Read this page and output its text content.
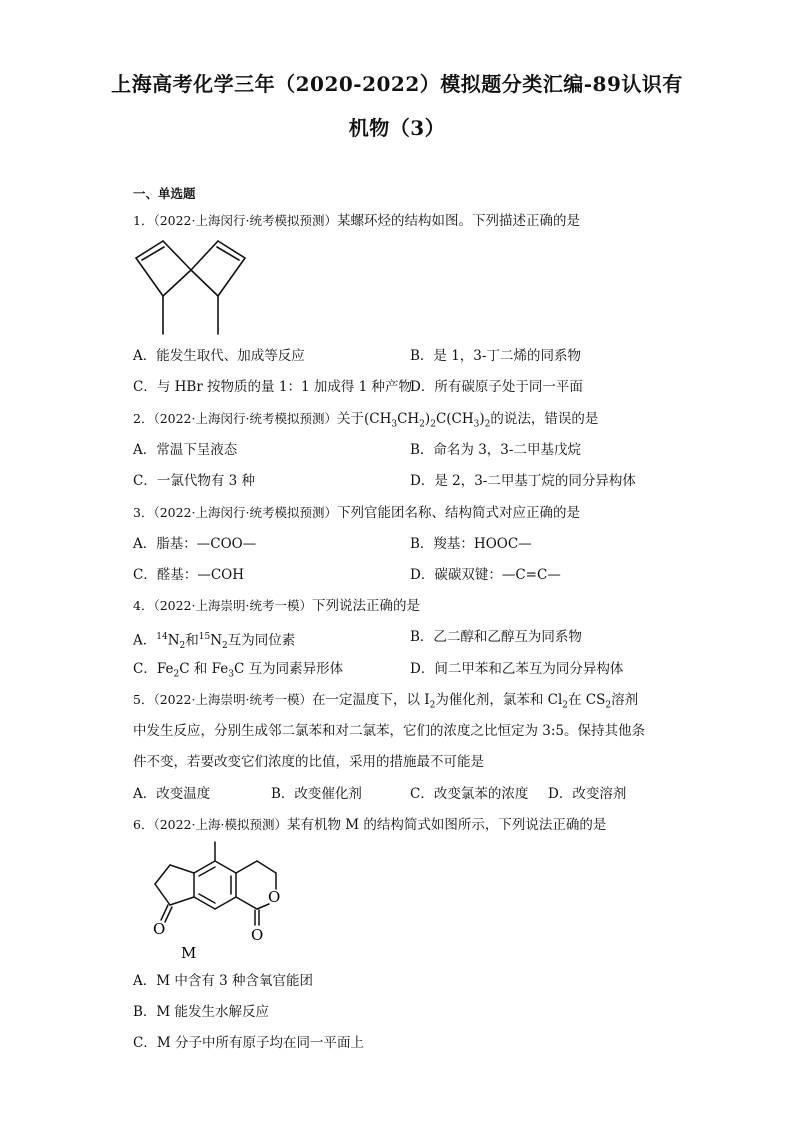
上海高考化学三年（2020-2022）模拟题分类汇编-89认识有
机物（3）
一、单选题
1．（2022·上海闵行·统考模拟预测）某螺环烃的结构如图。下列描述正确的是
A．能发生取代、加成等反应	B．是 1，3-丁二烯的同系物
C．与 HBr 按物质的量 1：1 加成得 1 种产物
D．所有碳原子处于同一平面
2．（2022·上海闵行·统考模拟预测）关于$(CH_3CH_2)_2C(CH_3)_2$的说法，错误的是
A．常温下呈液态	B．命名为 3，3-二甲基戊烷
C．一氯代物有 3 种	D．是 2，3-二甲基丁烷的同分异构体
3．（2022·上海闵行·统考模拟预测）下列官能团名称、结构简式对应正确的是
A．脂基：—COO—	B．羧基：HOOC—
C．醛基：—COH	D．碳碳双键：—C=C—
4．（2022·上海崇明·统考一模）下列说法正确的是
A．$^{14}N_2$和$^{15}N_2$互为同位素	B．乙二醇和乙醇互为同系物
C．$Fe_2C$ 和 $Fe_3C$ 互为同素异形体	D．间二甲苯和乙苯互为同分异构体
5．（2022·上海崇明·统考一模）在一定温度下，以 $I_2$为催化剂，氯苯和 $Cl_2$在 $CS_2$溶剂
中发生反应，分别生成邻二氯苯和对二氯苯，它们的浓度之比恒定为 3:5。保持其他条
件不变，若要改变它们浓度的比值，采用的措施最不可能是
A．改变温度	B．改变催化剂	C．改变氯苯的浓度 D．改变溶剂
6．（2022·上海·模拟预测）某有机物 M 的结构简式如图所示，下列说法正确的是
O
O	O
M
A．M 中含有 3 种含氧官能团
B．M 能发生水解反应
C．M 分子中所有原子均在同一平面上
